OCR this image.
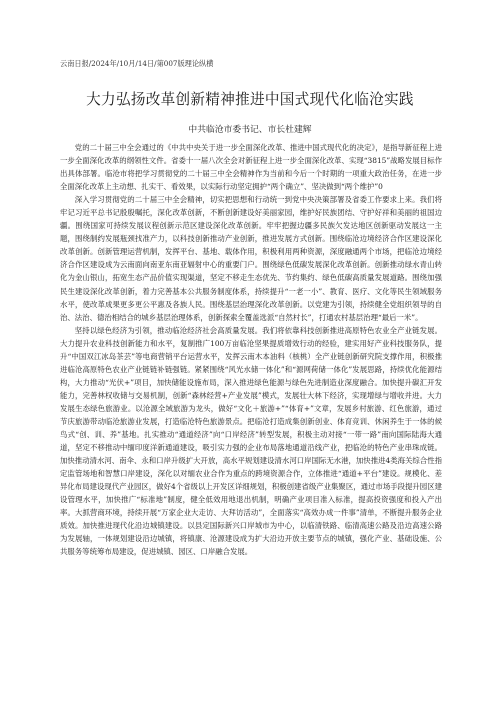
云南日报/2024年/10月/14日/第007版理论纵横
大力弘扬改革创新精神推进中国式现代化临沧实践
中共临沧市委书记、市长杜建辉

党的二十届三中全会通过的《中共中央关于进一步全面深化改革、推进中国式现代化的决定》，是指导新征程上进一步全面深化改革的纲领性文件。省委十一届八次全会对新征程上进一步全面深化改革、实现“3815”战略发展目标作出具体部署。临沧市将把学习贯彻党的二十届三中全会精神作为当前和今后一个时期的一项重大政治任务，在进一步全面深化改革上主动想、扎实干、看效果，以实际行动坚定拥护“两个确立”、坚决做到“两个维护”0

深入学习贯彻党的二十届三中全会精神，切实把思想和行动统一到党中央决策部署及省委工作要求上来。我们将牢记习近平总书记殷殷嘱托，深化改革创新，不断创新建设好美丽家园，维护好民族团结、守护好祥和美丽的祖国边疆。围绕国家可持续发展议程创新示范区建设深化改革创新。牢牢把握边疆多民族欠发达地区创新驱动发展这一主题，围绕制约发展瓶颈找准产力，以科技创新推动产业创新，推进发展方式创新。围绕临沧边境经济合作区建设深化改革创新。创新管理运营机制，发挥平台、基地、载体作用，积极利用两种资源，深度融通两个市场，把临沧边境经济合作区建设成为云南面向南亚东南亚辐射中心的重要门户。围绕绿色低碳发展深化改革创新。创新推动绿水青山转化为金山银山，拓宽生态产品价值实现渠道，坚定不移走生态优先、节约集约、绿色低碳高质量发展道路。围绕加强民生建设深化改革创新，着力完善基本公共服务制度体系，持续提升“一老一小”、教育、医疗、文化等民生领域服务水平，使改革成果更多更公平惠及各族人民。围绕基层治理深化改革创新。以党建为引领，持续健全党组织领导的自治、法治、德治相结合的城乡基层治理体系，创新探索全覆盖选派“自然村长”，打通农村基层治理“最后一米”。

坚持以绿色经济为引领，推动临沧经济社会高质量发展。我们将依靠科技创新推进高原特色农业全产业链发展。大力提升农业科技创新能力和水平，复制推广100万亩临沧坚果提质增效行动的经验，建实用好产业科技服务队，提升“中国双江冰岛茶芸”等电商营销平台运营水平，发挥云南木本油料（核桃）全产业链创新研究院支撑作用，积极推进临沧高原特色农业产业链链补链强链。紧紧围绕“风光水储一体化”和“源网荷储一体化”发展思路，持续优化能源结构，大力推动“光伏+”项目，加快储能设施布局，深入推进绿色能源与绿色先进制造业深度融合。加快提升碳汇开发能力，完善林权收储与交易机制，创新“森林经营+产业发展”模式，发展壮大林下经济，实现增绿与增收并进。大力发展生态绿色旅游业。以沧源全域旅游为龙头，做好“文化＋旅游+”“体育+”文章，发展乡村旅游、红色旅游，通过节庆旅游带动临沧旅游业发展，打造临沧特色旅游景点。把临沧打造成集创新创业、体育竞训、休闲养生于一体的候鸟式“创、训、养”基地。扎实推动“通道经济”向“口岸经济”转型发展，积极主动对接“一带一路”南向国际陆海大通道，坚定不移推动中缅印度洋新通道建设，吸引实力强的企业布局落地通道沿线产业，把临沧的特色产业串珠成链。加快推动清水河、南伞、永和口岸升级扩大开放，高水平规划建设清水河口岸国际无水港，加快推进4类海关综合性指定监管场地和智慧口岸建设，深化以对缅农业合作为重点的跨境资源合作，立体推进“通道+平台”建设。规模化、差异化布局建设现代产业园区，做好4个省级以上开发区详细规划，积极创建省级产业集聚区，通过市场手段提升园区建设管理水平，加快推广“标准地”制度，健全低效用地退出机制，明确产业项目准入标准，提高投资强度和投入产出率。大抓营商环境，持续开展“万家企业大走访、大拜访活动”，全面落实“高效办成一件事”清单，不断提升服务企业质效。加快推进现代化沿边城镇建设。以县定国际新兴口岸城市为中心，以临清铁路、临清高速公路及沿边高速公路为发展轴，一体规划建设沿边城镇，将镇康、沧源建设成为扩大沿边开放主要节点的城镇，强化产业、基础设施、公共服务等统筹布局建设，促进城镇、园区、口岸融合发展。
